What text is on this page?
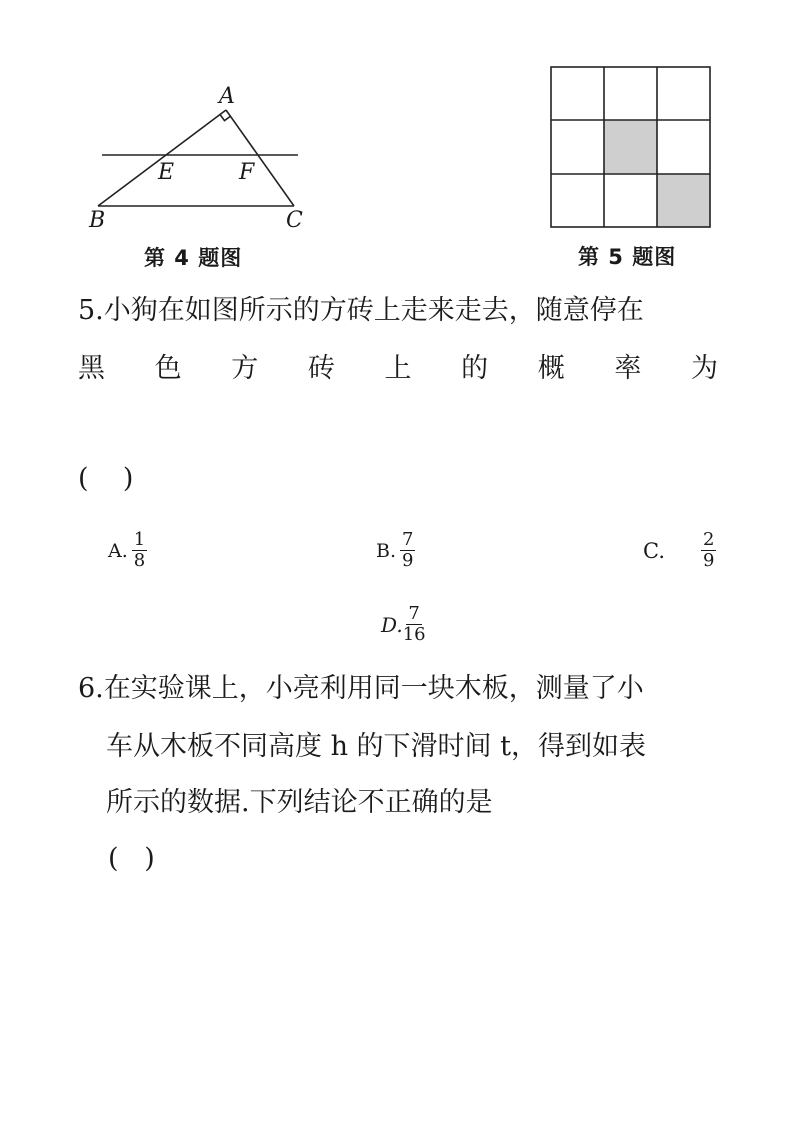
A
E	F
B	C
第 4 题图	第 5 题图
5.小狗在如图所示的方砖上走来走去，随意停在
黑 色 方 砖 上 的 概 率 为
(    )
A. $\frac{1}{8}$	B. $\frac{7}{9}$	C. $\frac{2}{9}$
D. $\frac{7}{16}$
6.在实验课上，小亮利用同一块木板，测量了小
车从木板不同高度 h 的下滑时间 t，得到如表
所示的数据.下列结论不正确的是
(   )
